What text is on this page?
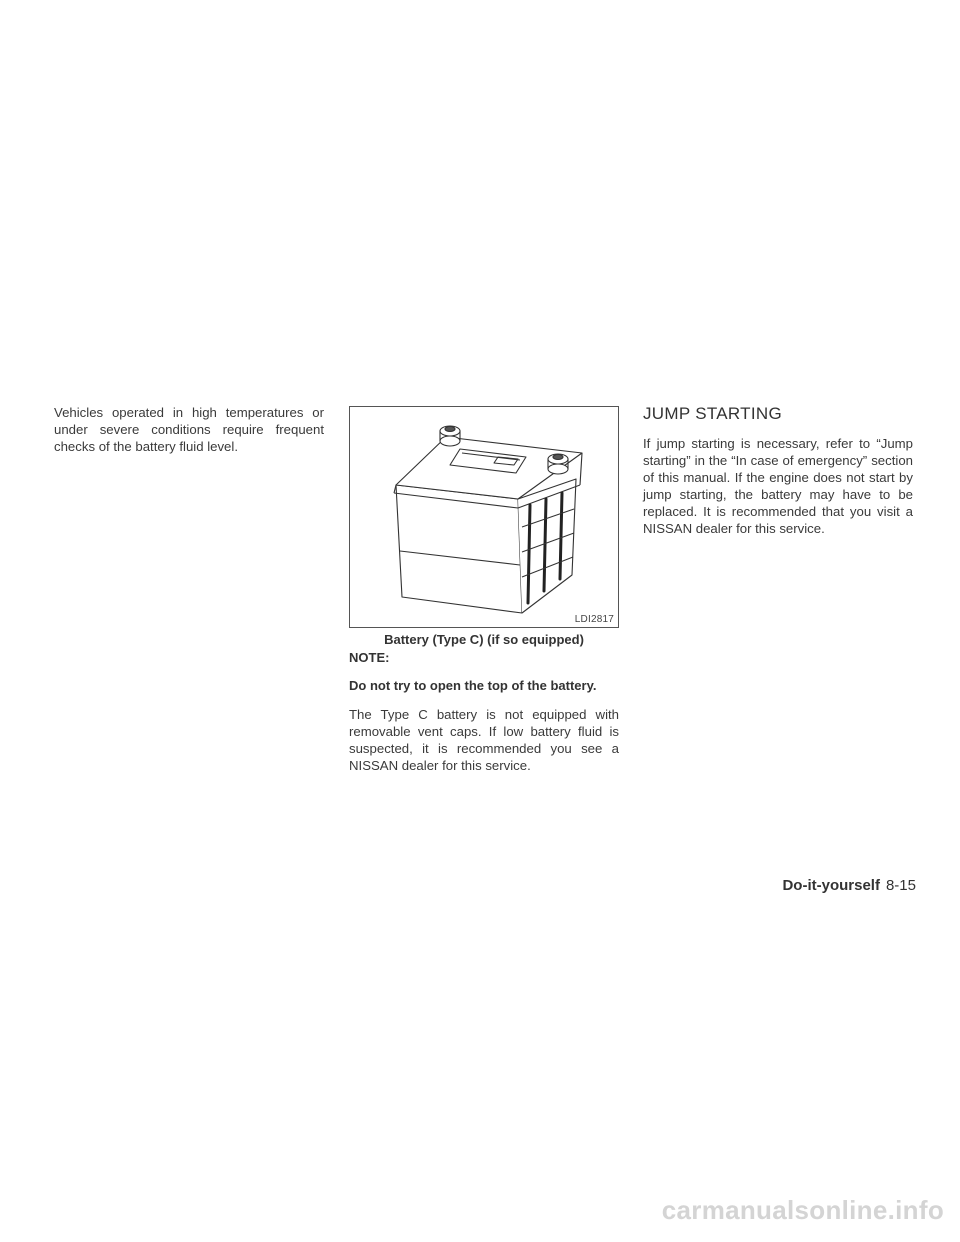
Vehicles operated in high temperatures or under severe conditions require frequent checks of the battery fluid level.

LDI2817

Battery (Type C) (if so equipped)

NOTE:

Do not try to open the top of the battery.

The Type C battery is not equipped with removable vent caps. If low battery fluid is suspected, it is recommended you see a NISSAN dealer for this service.

JUMP STARTING

If jump starting is necessary, refer to “Jump starting” in the “In case of emergency” section of this manual. If the engine does not start by jump starting, the battery may have to be replaced. It is recommended that you visit a NISSAN dealer for this service.

Do-it-yourself 8-15
carmanualsonline.info
